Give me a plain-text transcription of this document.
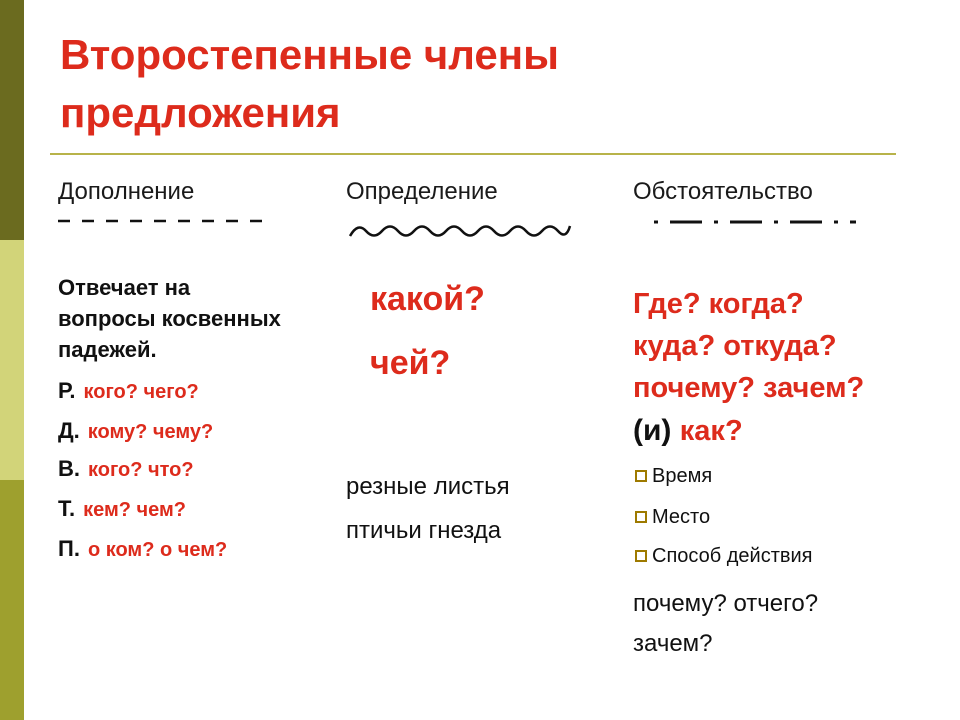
Второстепенные члены
предложения
Дополнение	Определение	Обстоятельство
Отвечает на
вопросы косвенных
падежей.
Р. кого? чего?
Д. кому? чему?
В. кого? что?
Т. кем? чем?
П. о ком? о чем?
какой?
чей?
резные листья
птичьи гнезда
Где? когда?
куда? откуда?
почему? зачем?
(и) как?
Время
Место
Способ действия
почему? отчего?
зачем?
